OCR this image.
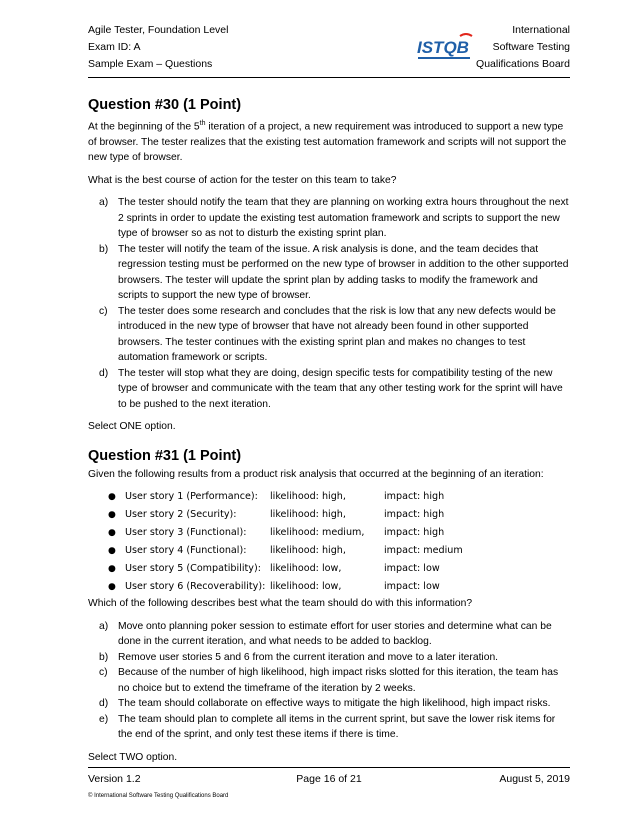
Agile Tester, Foundation Level
Exam ID: A
Sample Exam – Questions
ISTQB
International
Software Testing
Qualifications Board
Question #30 (1 Point)

At the beginning of the 5th iteration of a project, a new requirement was introduced to support a new type of browser. The tester realizes that the existing test automation framework and scripts will not support the new type of browser.

What is the best course of action for the tester on this team to take?

a) The tester should notify the team that they are planning on working extra hours throughout the next 2 sprints in order to update the existing test automation framework and scripts to support the new type of browser so as not to disturb the existing sprint plan.
b) The tester will notify the team of the issue. A risk analysis is done, and the team decides that regression testing must be performed on the new type of browser in addition to the other supported browsers. The tester will update the sprint plan by adding tasks to modify the framework and scripts to support the new type of browser.
c) The tester does some research and concludes that the risk is low that any new defects would be introduced in the new type of browser that have not already been found in other supported browsers. The tester continues with the existing sprint plan and makes no changes to test automation framework or scripts.
d) The tester will stop what they are doing, design specific tests for compatibility testing of the new type of browser and communicate with the team that any other testing work for the sprint will have to be pushed to the next iteration.

Select ONE option.

Question #31 (1 Point)

Given the following results from a product risk analysis that occurred at the beginning of an iteration:

● User story 1 (Performance): likelihood: high,	impact: high
● User story 2 (Security):	likelihood: high,	impact: high
● User story 3 (Functional): likelihood: medium, impact: high
● User story 4 (Functional): likelihood: high,	impact: medium
● User story 5 (Compatibility): likelihood: low,	impact: low
● User story 6 (Recoverability): likelihood: low,	impact: low

Which of the following describes best what the team should do with this information?

a) Move onto planning poker session to estimate effort for user stories and determine what can be done in the current iteration, and what needs to be added to backlog.
b) Remove user stories 5 and 6 from the current iteration and move to a later iteration.
c) Because of the number of high likelihood, high impact risks slotted for this iteration, the team has no choice but to extend the timeframe of the iteration by 2 weeks.
d) The team should collaborate on effective ways to mitigate the high likelihood, high impact risks.
e) The team should plan to complete all items in the current sprint, but save the lower risk items for the end of the sprint, and only test these items if there is time.

Select TWO option.

Version 1.2	Page 16 of 21	August 5, 2019
© International Software Testing Qualifications Board
